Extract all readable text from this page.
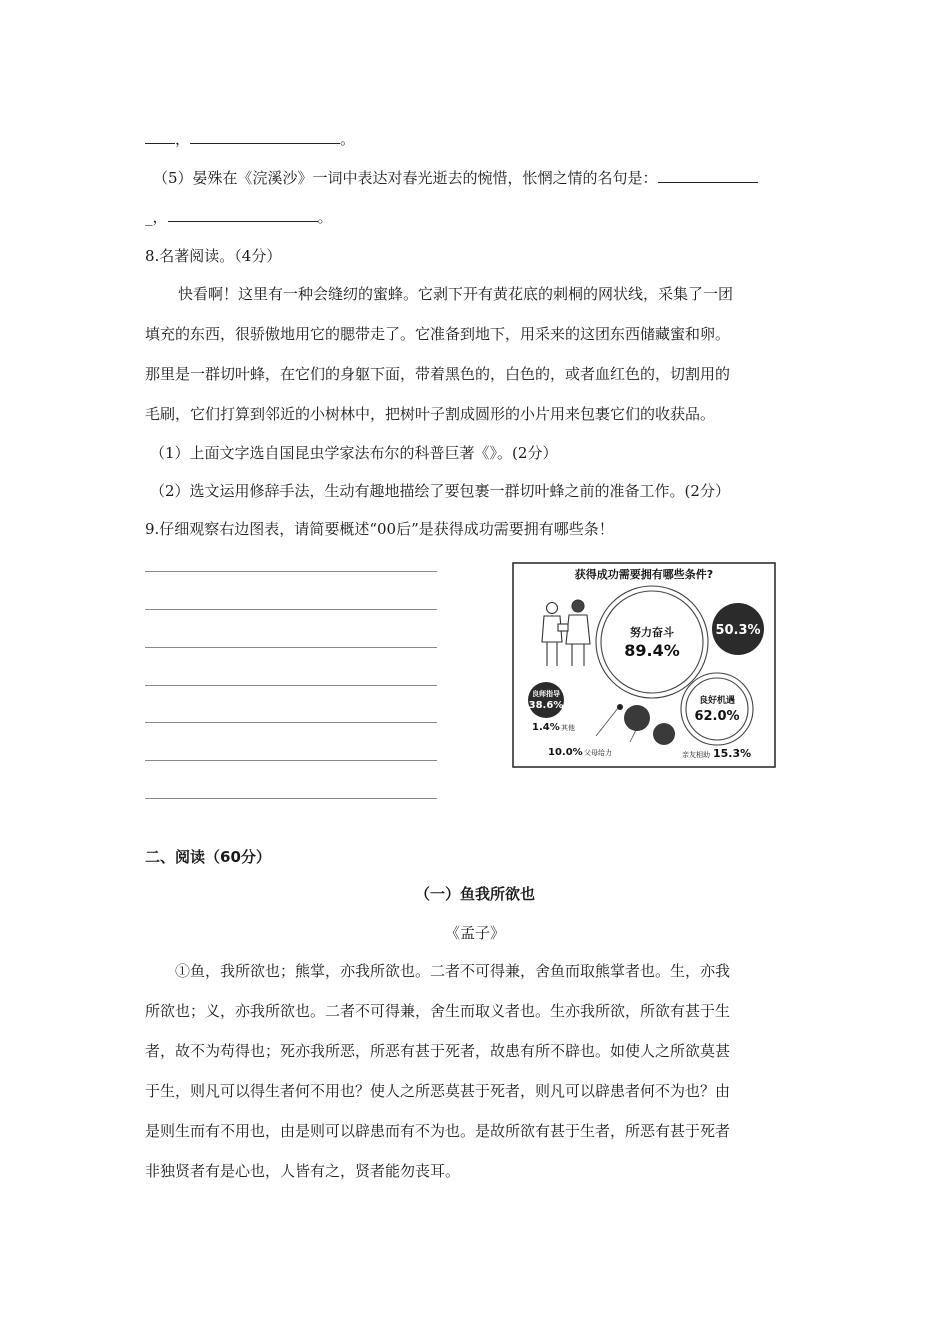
，	。
（5）晏殊在《浣溪沙》一词中表达对春光逝去的惋惜，怅惘之情的名句是：
_，	。
8.名著阅读。（4分）
快看啊！这里有一种会缝纫的蜜蜂。它剥下开有黄花底的刺桐的网状线，采集了一团
填充的东西，很骄傲地用它的腮带走了。它准备到地下，用采来的这团东西储藏蜜和卵。
那里是一群切叶蜂，在它们的身躯下面，带着黑色的，白色的，或者血红色的，切割用的
毛刷，它们打算到邻近的小树林中，把树叶子割成圆形的小片用来包裹它们的收获品。
（1）上面文字选自国昆虫学家法布尔的科普巨著《》。(2分）
（2）选文运用修辞手法，生动有趣地描绘了要包裹一群切叶蜂之前的准备工作。(2分）
9.仔细观察右边图表，请简要概述“00后”是获得成功需要拥有哪些条！
获得成功需要拥有哪些条件?
努力奋斗
89.4%
50.3%
良好机遇
62.0%
良师指导
38.6%
1.4% 其他
10.0% 父母给力	亲友相助 15.3%
二、阅读（60分）
（一）鱼我所欲也
《孟子》
①鱼，我所欲也；熊掌，亦我所欲也。二者不可得兼，舍鱼而取熊掌者也。生，亦我
所欲也；义，亦我所欲也。二者不可得兼，舍生而取义者也。生亦我所欲，所欲有甚于生
者，故不为苟得也；死亦我所恶，所恶有甚于死者，故患有所不辟也。如使人之所欲莫甚
于生，则凡可以得生者何不用也？使人之所恶莫甚于死者，则凡可以辟患者何不为也？由
是则生而有不用也，由是则可以辟患而有不为也。是故所欲有甚于生者，所恶有甚于死者
非独贤者有是心也，人皆有之，贤者能勿丧耳。
